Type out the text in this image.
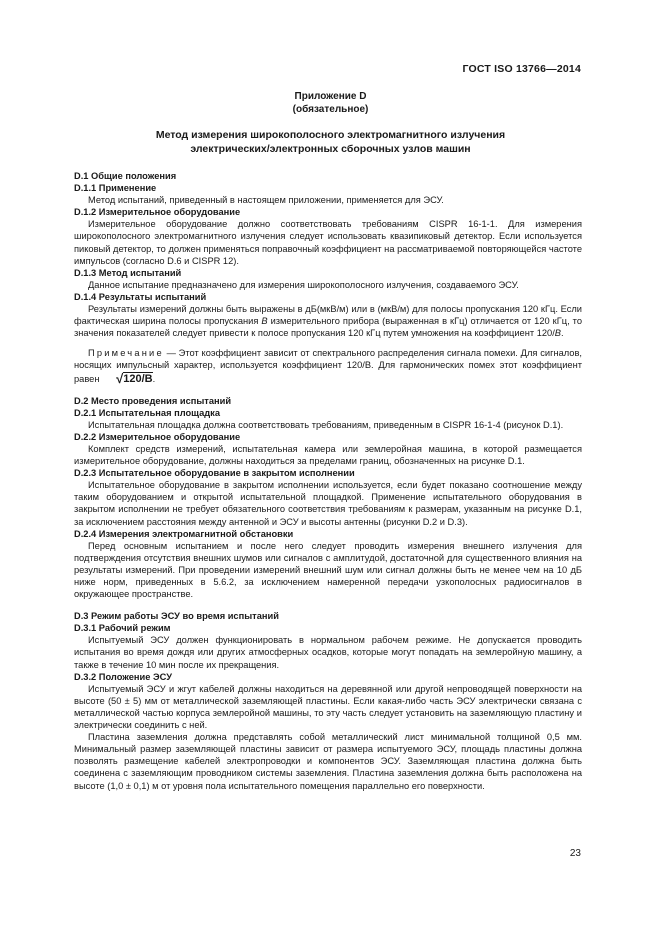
ГОСТ ISO 13766—2014
Приложение D
(обязательное)
Метод измерения широкополосного электромагнитного излучения
электрических/электронных сборочных узлов машин
D.1 Общие положения
D.1.1 Применение

Метод испытаний, приведенный в настоящем приложении, применяется для ЭСУ.

D.1.2 Измерительное оборудование

Измерительное оборудование должно соответствовать требованиям CISPR 16-1-1. Для измерения широкополосного электромагнитного излучения следует использовать квазипиковый детектор. Если используется пиковый детектор, то должен применяться поправочный коэффициент на рассматриваемой повторяющейся частоте импульсов (согласно D.6 и CISPR 12).

D.1.3 Метод испытаний

Данное испытание предназначено для измерения широкополосного излучения, создаваемого ЭСУ.

D.1.4 Результаты испытаний

Результаты измерений должны быть выражены в дБ(мкВ/м) или в (мкВ/м) для полосы пропускания 120 кГц. Если фактическая ширина полосы пропускания B измерительного прибора (выраженная в кГц) отличается от 120 кГц, то значения показателей следует привести к полосе пропускания 120 кГц путем умножения на коэффициент 120/B.

Примечание — Этот коэффициент зависит от спектрального распределения сигнала помехи. Для сигналов, носящих импульсный характер, используется коэффициент 120/B. Для гармонических помех этот коэффициент равен √120/B.

D.2 Место проведения испытаний
D.2.1 Испытательная площадка

Испытательная площадка должна соответствовать требованиям, приведенным в CISPR 16-1-4 (рисунок D.1).

D.2.2 Измерительное оборудование

Комплект средств измерений, испытательная камера или землеройная машина, в которой размещается измерительное оборудование, должны находиться за пределами границ, обозначенных на рисунке D.1.

D.2.3 Испытательное оборудование в закрытом исполнении

Испытательное оборудование в закрытом исполнении используется, если будет показано соотношение между таким оборудованием и открытой испытательной площадкой. Применение испытательного оборудования в закрытом исполнении не требует обязательного соответствия требованиям к размерам, указанным на рисунке D.1, за исключением расстояния между антенной и ЭСУ и высоты антенны (рисунки D.2 и D.3).

D.2.4 Измерения электромагнитной обстановки

Перед основным испытанием и после него следует проводить измерения внешнего излучения для подтверждения отсутствия внешних шумов или сигналов с амплитудой, достаточной для существенного влияния на результаты измерений. При проведении измерений внешний шум или сигнал должны быть не менее чем на 10 дБ ниже норм, приведенных в 5.6.2, за исключением намеренной передачи узкополосных радиосигналов в окружающее пространстве.

D.3 Режим работы ЭСУ во время испытаний
D.3.1 Рабочий режим

Испытуемый ЭСУ должен функционировать в нормальном рабочем режиме. Не допускается проводить испытания во время дождя или других атмосферных осадков, которые могут попадать на землеройную машину, а также в течение 10 мин после их прекращения.

D.3.2 Положение ЭСУ

Испытуемый ЭСУ и жгут кабелей должны находиться на деревянной или другой непроводящей поверхности на высоте (50 ± 5) мм от металлической заземляющей пластины. Если какая-либо часть ЭСУ электрически связана с металлической частью корпуса землеройной машины, то эту часть следует установить на заземляющую пластину и электрически соединить с ней.

Пластина заземления должна представлять собой металлический лист минимальной толщиной 0,5 мм. Минимальный размер заземляющей пластины зависит от размера испытуемого ЭСУ, площадь пластины должна позволять размещение кабелей электропроводки и компонентов ЭСУ. Заземляющая пластина должна быть соединена с заземляющим проводником системы заземления. Пластина заземления должна быть расположена на высоте (1,0 ± 0,1) м от уровня пола испытательного помещения параллельно его поверхности.

23
